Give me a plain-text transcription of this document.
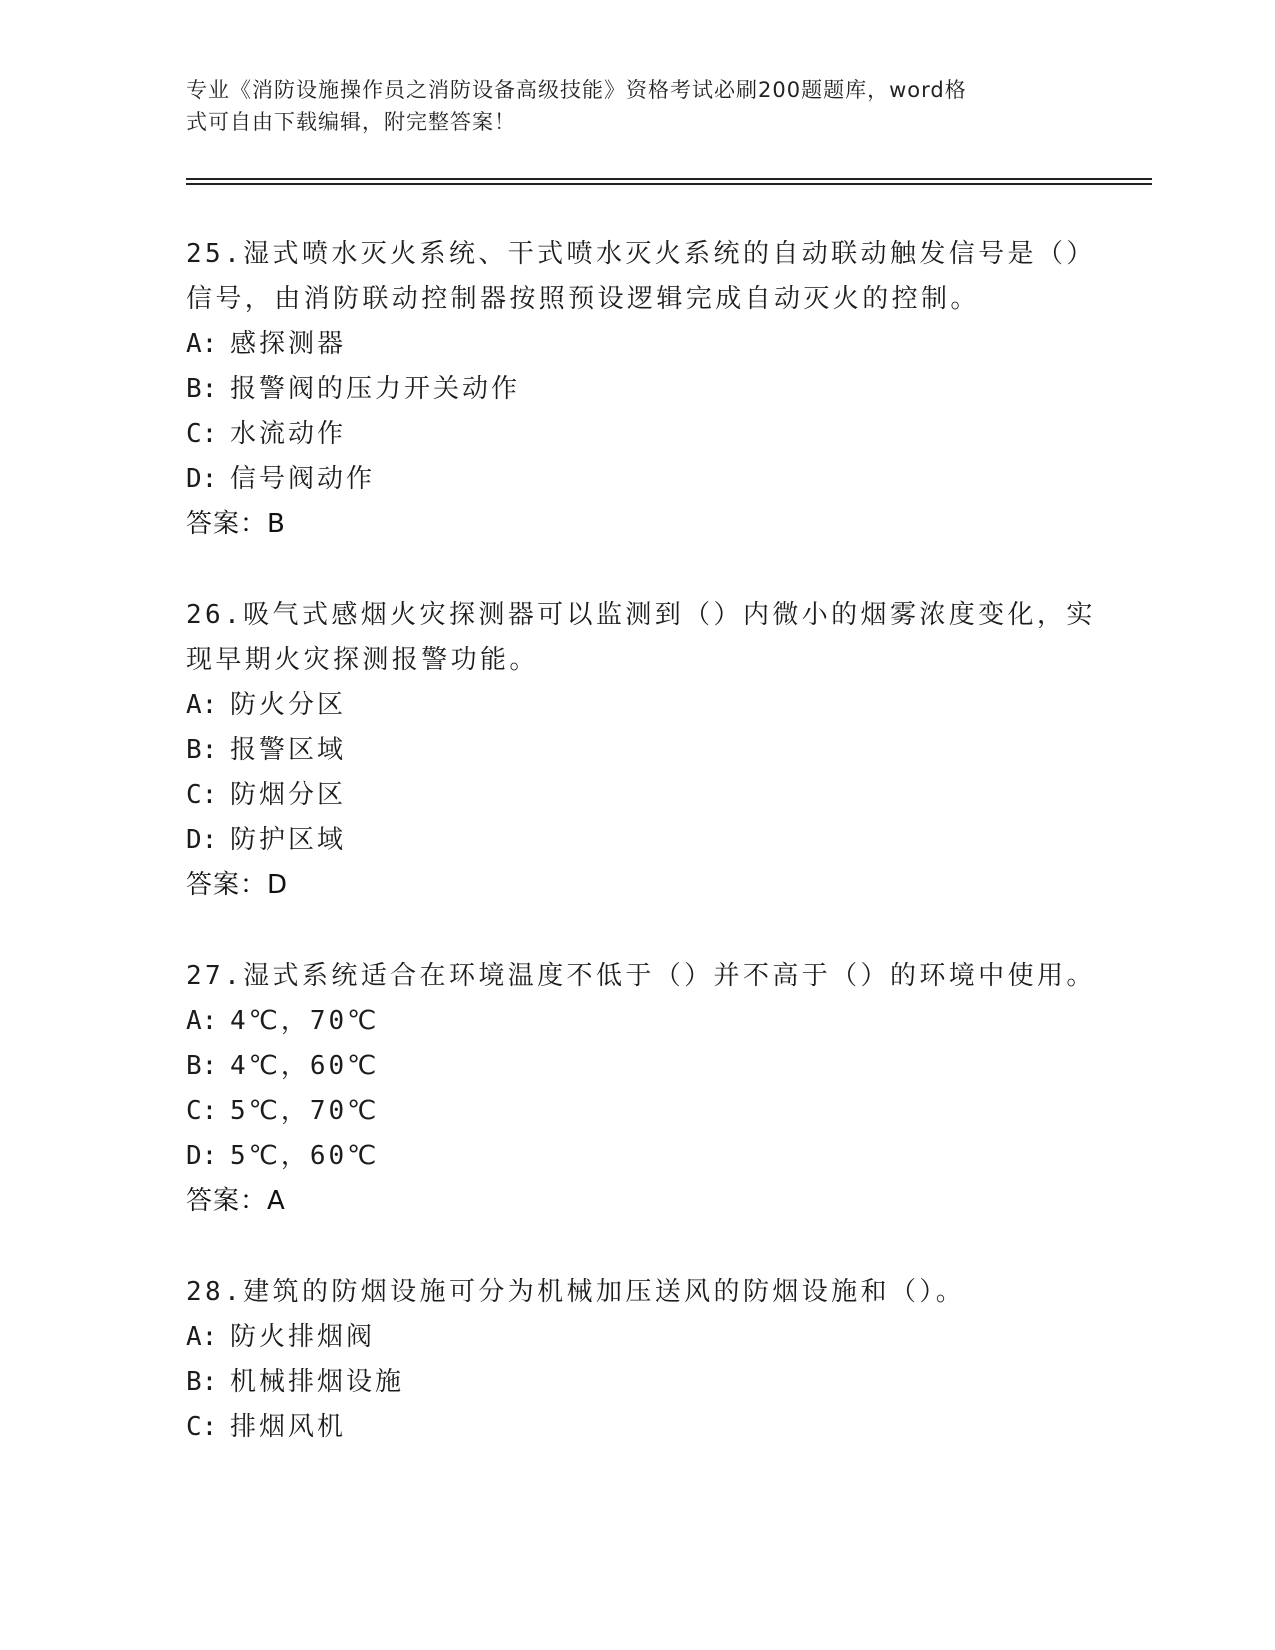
专业《消防设施操作员之消防设备高级技能》资格考试必刷200题题库，word格
式可自由下载编辑，附完整答案！
25.湿式喷水灭火系统、干式喷水灭火系统的自动联动触发信号是（）
信号，由消防联动控制器按照预设逻辑完成自动灭火的控制。
A: 感探测器
B: 报警阀的压力开关动作
C: 水流动作
D: 信号阀动作
答案：B
26.吸气式感烟火灾探测器可以监测到（）内微小的烟雾浓度变化，实
现早期火灾探测报警功能。
A: 防火分区
B: 报警区域
C: 防烟分区
D: 防护区域
答案：D
27.湿式系统适合在环境温度不低于（）并不高于（）的环境中使用。
A: 4℃，70℃
B: 4℃，60℃
C: 5℃，70℃
D: 5℃，60℃
答案：A
28.建筑的防烟设施可分为机械加压送风的防烟设施和（）。
A: 防火排烟阀
B: 机械排烟设施
C: 排烟风机
